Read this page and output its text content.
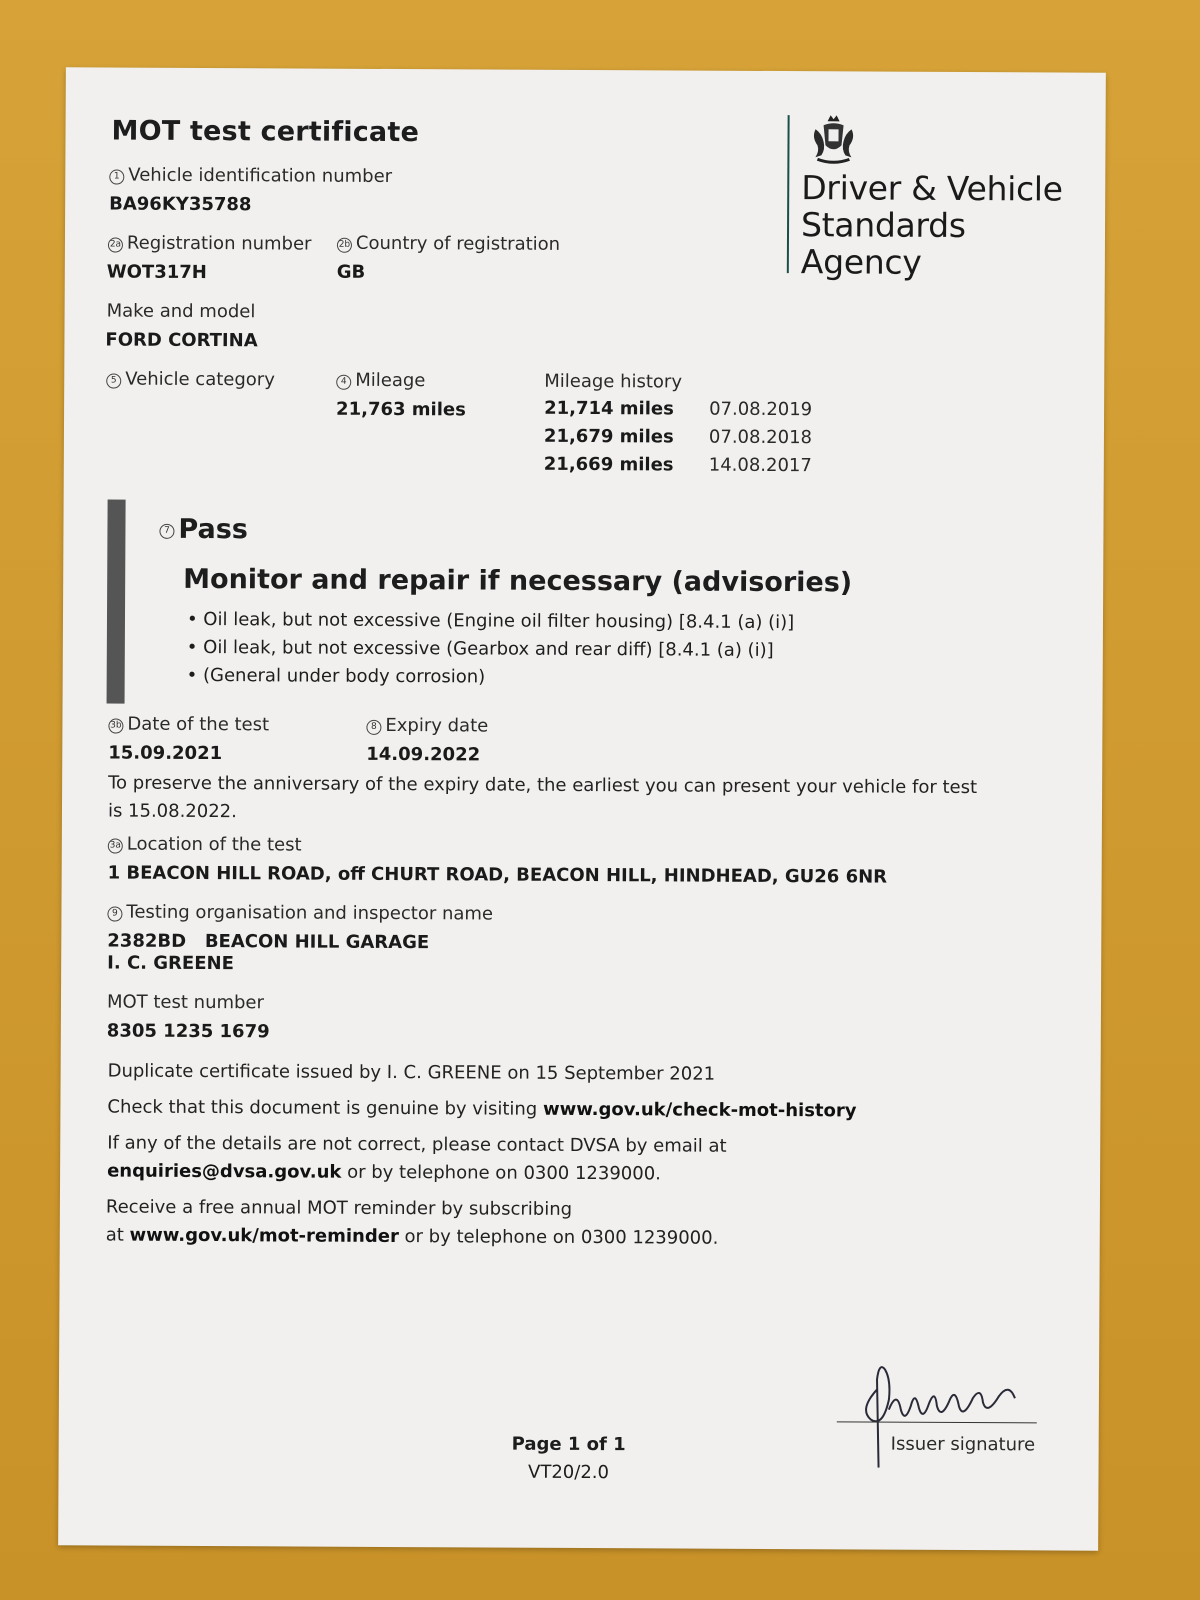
MOT test certificate
1 Vehicle identification number
BA96KY35788
2a Registration number
WOT317H
2b Country of registration
GB
Make and model
FORD CORTINA
5 Vehicle category	4 Mileage
21,763 miles
Mileage history
21,714 miles 07.08.2019
21,679 miles 07.08.2018
21,669 miles 14.08.2017
Driver & Vehicle
Standards
Agency
7 Pass
Monitor and repair if necessary (advisories)
• Oil leak, but not excessive (Engine oil filter housing) [8.4.1 (a) (i)]
• Oil leak, but not excessive (Gearbox and rear diff) [8.4.1 (a) (i)]
• (General under body corrosion)
3b Date of the test
15.09.2021
8 Expiry date
14.09.2022
To preserve the anniversary of the expiry date, the earliest you can present your vehicle for test is 15.08.2022.
3a Location of the test
1 BEACON HILL ROAD, off CHURT ROAD, BEACON HILL, HINDHEAD, GU26 6NR
9 Testing organisation and inspector name
2382BD   BEACON HILL GARAGE
I. C. GREENE
MOT test number
8305 1235 1679
Duplicate certificate issued by I. C. GREENE on 15 September 2021
Check that this document is genuine by visiting www.gov.uk/check-mot-history
If any of the details are not correct, please contact DVSA by email at
enquiries@dvsa.gov.uk or by telephone on 0300 1239000.
Receive a free annual MOT reminder by subscribing
at www.gov.uk/mot-reminder or by telephone on 0300 1239000.
Issuer signature
Page 1 of 1
VT20/2.0
